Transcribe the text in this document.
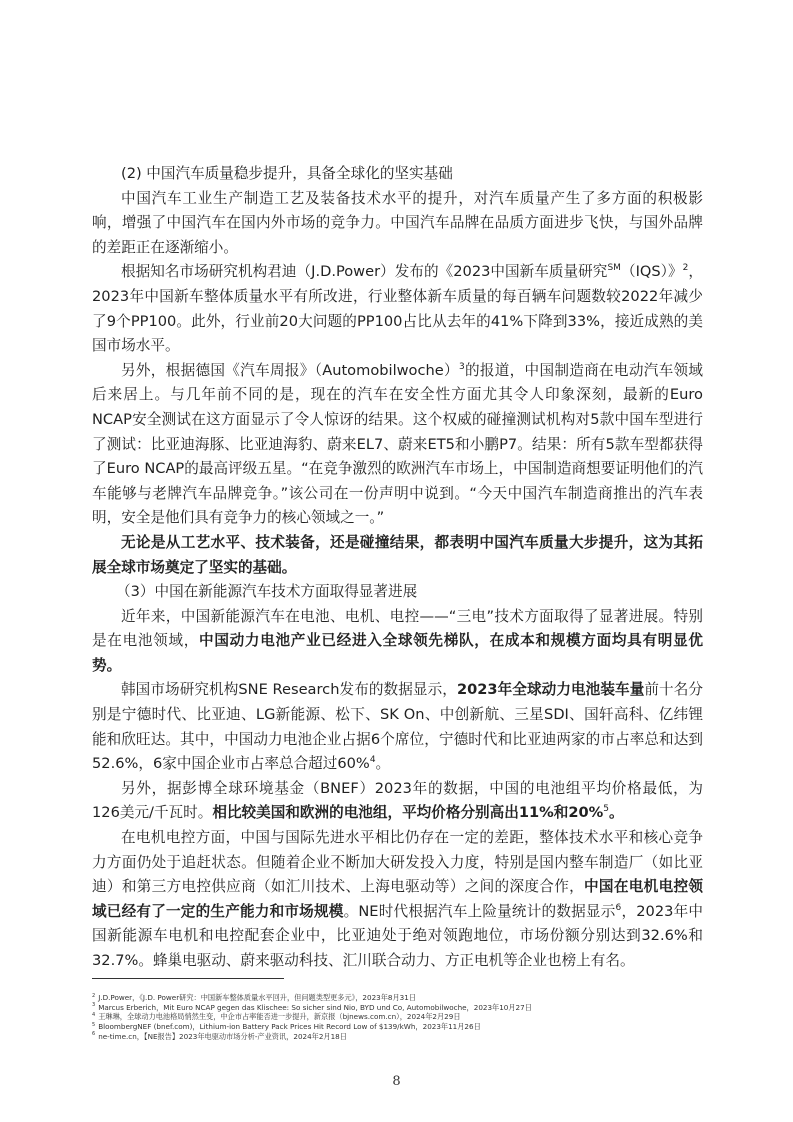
(2) 中国汽车质量稳步提升，具备全球化的坚实基础

中国汽车工业生产制造工艺及装备技术水平的提升，对汽车质量产生了多方面的积极影响，增强了中国汽车在国内外市场的竞争力。中国汽车品牌在品质方面进步飞快，与国外品牌的差距正在逐渐缩小。

根据知名市场研究机构君迪（J.D.Power）发布的《2023中国新车质量研究℠（IQS）》$^2$，2023年中国新车整体质量水平有所改进，行业整体新车质量的每百辆车问题数较2022年减少了9个PP100。此外，行业前20大问题的PP100占比从去年的41%下降到33%，接近成熟的美国市场水平。

另外，根据德国《汽车周报》（Automobilwoche）$^3$的报道，中国制造商在电动汽车领域后来居上。与几年前不同的是，现在的汽车在安全性方面尤其令人印象深刻，最新的Euro NCAP安全测试在这方面显示了令人惊讶的结果。这个权威的碰撞测试机构对5款中国车型进行了测试：比亚迪海豚、比亚迪海豹、蔚来EL7、蔚来ET5和小鹏P7。结果：所有5款车型都获得了Euro NCAP的最高评级五星。“在竞争激烈的欧洲汽车市场上，中国制造商想要证明他们的汽车能够与老牌汽车品牌竞争。”该公司在一份声明中说到。“今天中国汽车制造商推出的汽车表明，安全是他们具有竞争力的核心领域之一。”

无论是从工艺水平、技术装备，还是碰撞结果，都表明中国汽车质量大步提升，这为其拓展全球市场奠定了坚实的基础。

（3）中国在新能源汽车技术方面取得显著进展

近年来，中国新能源汽车在电池、电机、电控——“三电”技术方面取得了显著进展。特别是在电池领域，中国动力电池产业已经进入全球领先梯队，在成本和规模方面均具有明显优势。

韩国市场研究机构SNE Research发布的数据显示，2023年全球动力电池装车量前十名分别是宁德时代、比亚迪、LG新能源、松下、SK On、中创新航、三星SDI、国轩高科、亿纬锂能和欣旺达。其中，中国动力电池企业占据6个席位，宁德时代和比亚迪两家的市占率总和达到52.6%，6家中国企业市占率总合超过60%$^4$。

另外，据彭博全球环境基金（BNEF）2023年的数据，中国的电池组平均价格最低，为126美元/千瓦时。相比较美国和欧洲的电池组，平均价格分别高出11%和20%$^5$。

在电机电控方面，中国与国际先进水平相比仍存在一定的差距，整体技术水平和核心竞争力方面仍处于追赶状态。但随着企业不断加大研发投入力度，特别是国内整车制造厂（如比亚迪）和第三方电控供应商（如汇川技术、上海电驱动等）之间的深度合作，中国在电机电控领域已经有了一定的生产能力和市场规模。NE时代根据汽车上险量统计的数据显示$^6$，2023年中国新能源车电机和电控配套企业中，比亚迪处于绝对领跑地位，市场份额分别达到32.6%和32.7%。蜂巢电驱动、蔚来驱动科技、汇川联合动力、方正电机等企业也榜上有名。

$^2$ J.D.Power，《J.D. Power研究：中国新车整体质量水平回升，但问题类型更多元》，2023年8月31日
$^3$ Marcus Erberich，Mit Euro NCAP gegen das Klischee: So sicher sind Nio, BYD und Co, Automobilwoche，2023年10月27日
$^4$ 王琳琳，全球动力电池格局悄然生变，中企市占率能否进一步提升，新京报（bjnews.com.cn），2024年2月29日
$^5$ BloombergNEF (bnef.com)，Lithium-ion Battery Pack Prices Hit Record Low of $139/kWh，2023年11月26日
$^6$ ne-time.cn，【NE报告】2023年电驱动市场分析-产业资讯，2024年2月18日
8
